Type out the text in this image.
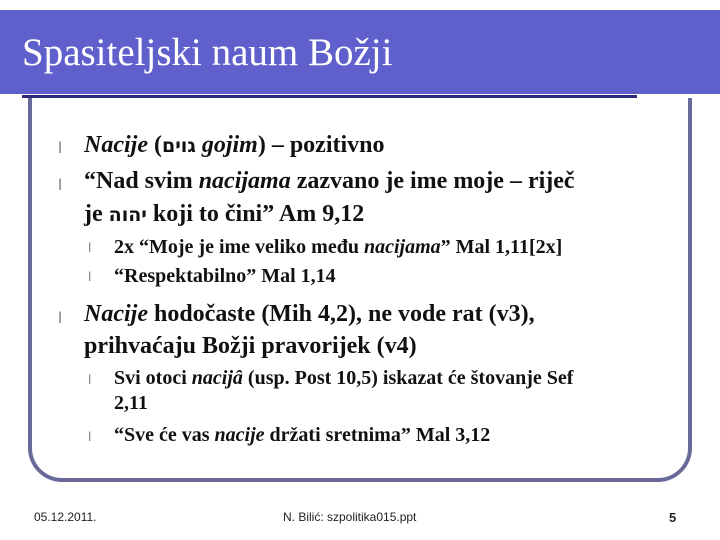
Spasiteljski naum Božji
l Nacije (גוים gojim) – pozitivno
l “Nad svim nacijama zazvano je ime moje – riječ
je יהוה koji to čini” Am 9,12
l 2x “Moje je ime veliko među nacijama” Mal 1,11[2x]
l “Respektabilno” Mal 1,14
l Nacije hodočaste (Mih 4,2), ne vode rat (v3),
prihvaćaju Božji pravorijek (v4)
l Svi otoci nacijâ (usp. Post 10,5) iskazat će štovanje Sef
2,11
l “Sve će vas nacije držati sretnima” Mal 3,12
05.12.2011.	N. Bilić: szpolitika015.ppt	5
